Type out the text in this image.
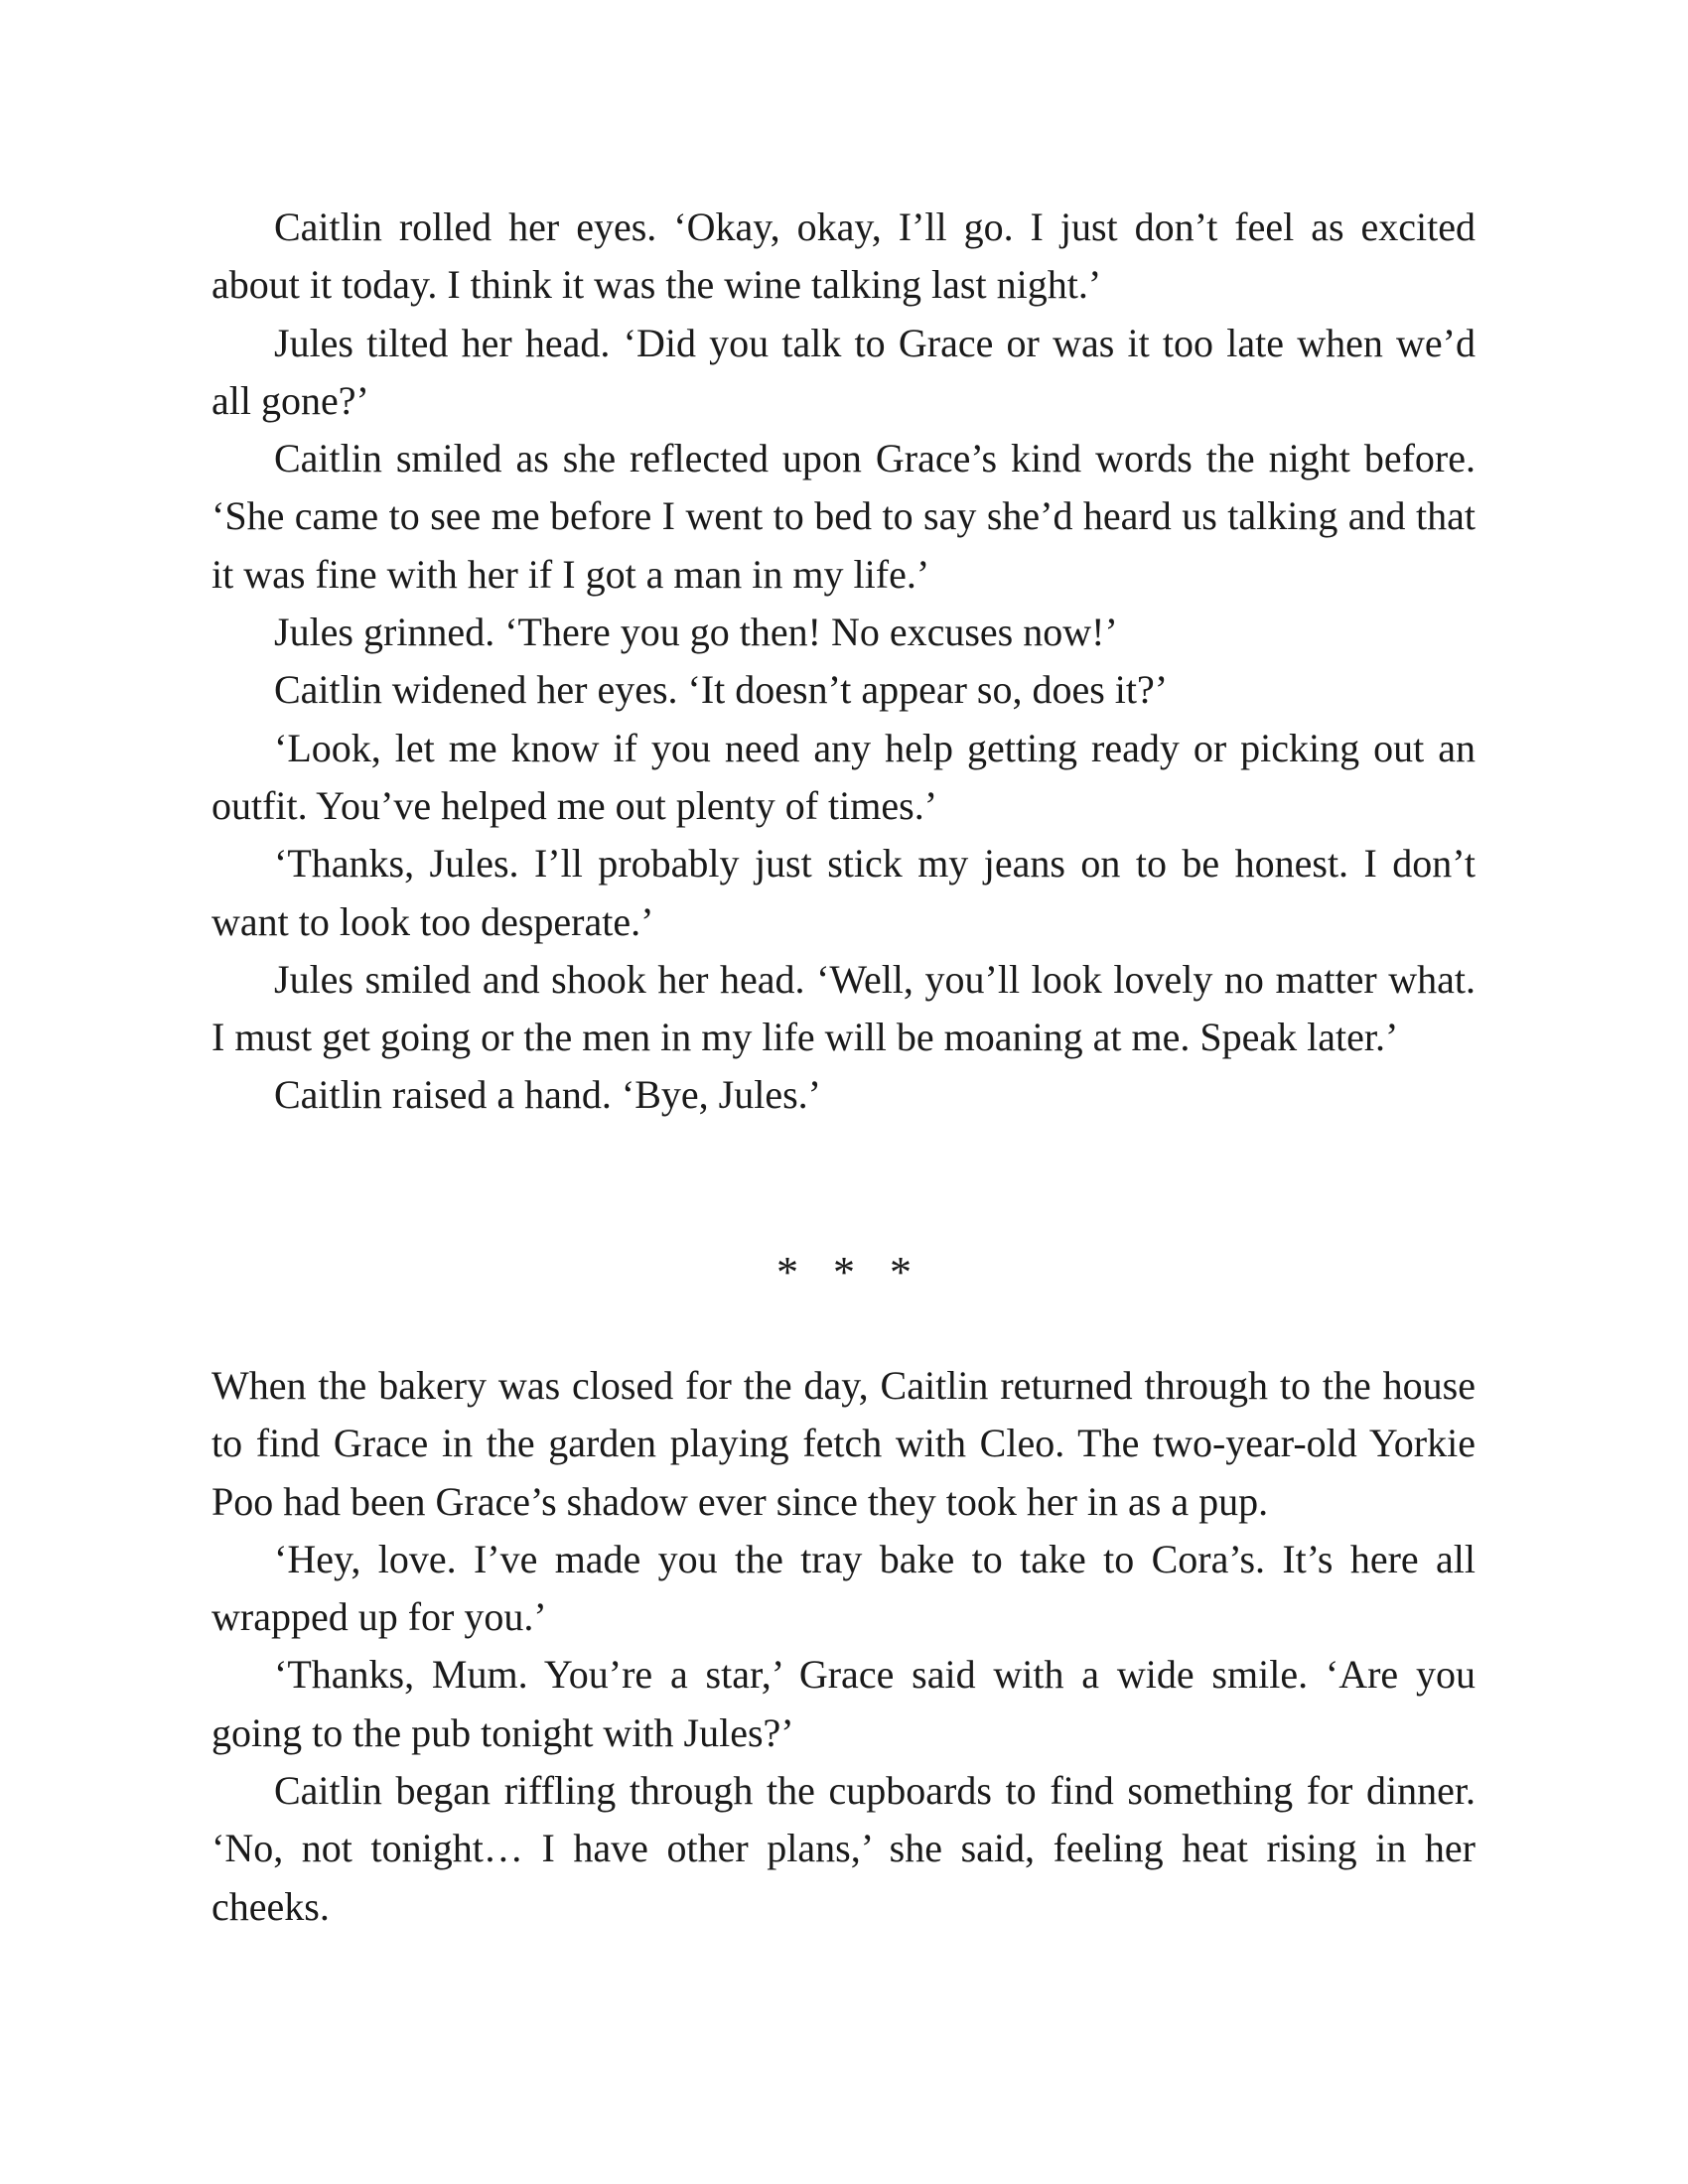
Caitlin rolled her eyes. ‘Okay, okay, I’ll go. I just don’t feel as excited about it today. I think it was the wine talking last night.’

Jules tilted her head. ‘Did you talk to Grace or was it too late when we’d all gone?’

Caitlin smiled as she reflected upon Grace’s kind words the night before. ‘She came to see me before I went to bed to say she’d heard us talking and that it was fine with her if I got a man in my life.’

Jules grinned. ‘There you go then! No excuses now!’

Caitlin widened her eyes. ‘It doesn’t appear so, does it?’

‘Look, let me know if you need any help getting ready or picking out an outfit. You’ve helped me out plenty of times.’

‘Thanks, Jules. I’ll probably just stick my jeans on to be honest. I don’t want to look too desperate.’

Jules smiled and shook her head. ‘Well, you’ll look lovely no matter what. I must get going or the men in my life will be moaning at me. Speak later.’

Caitlin raised a hand. ‘Bye, Jules.’

* * *

When the bakery was closed for the day, Caitlin returned through to the house to find Grace in the garden playing fetch with Cleo. The two-year-old Yorkie Poo had been Grace’s shadow ever since they took her in as a pup.

‘Hey, love. I’ve made you the tray bake to take to Cora’s. It’s here all wrapped up for you.’

‘Thanks, Mum. You’re a star,’ Grace said with a wide smile. ‘Are you going to the pub tonight with Jules?’

Caitlin began riffling through the cupboards to find something for dinner. ‘No, not tonight… I have other plans,’ she said, feeling heat rising in her cheeks.
